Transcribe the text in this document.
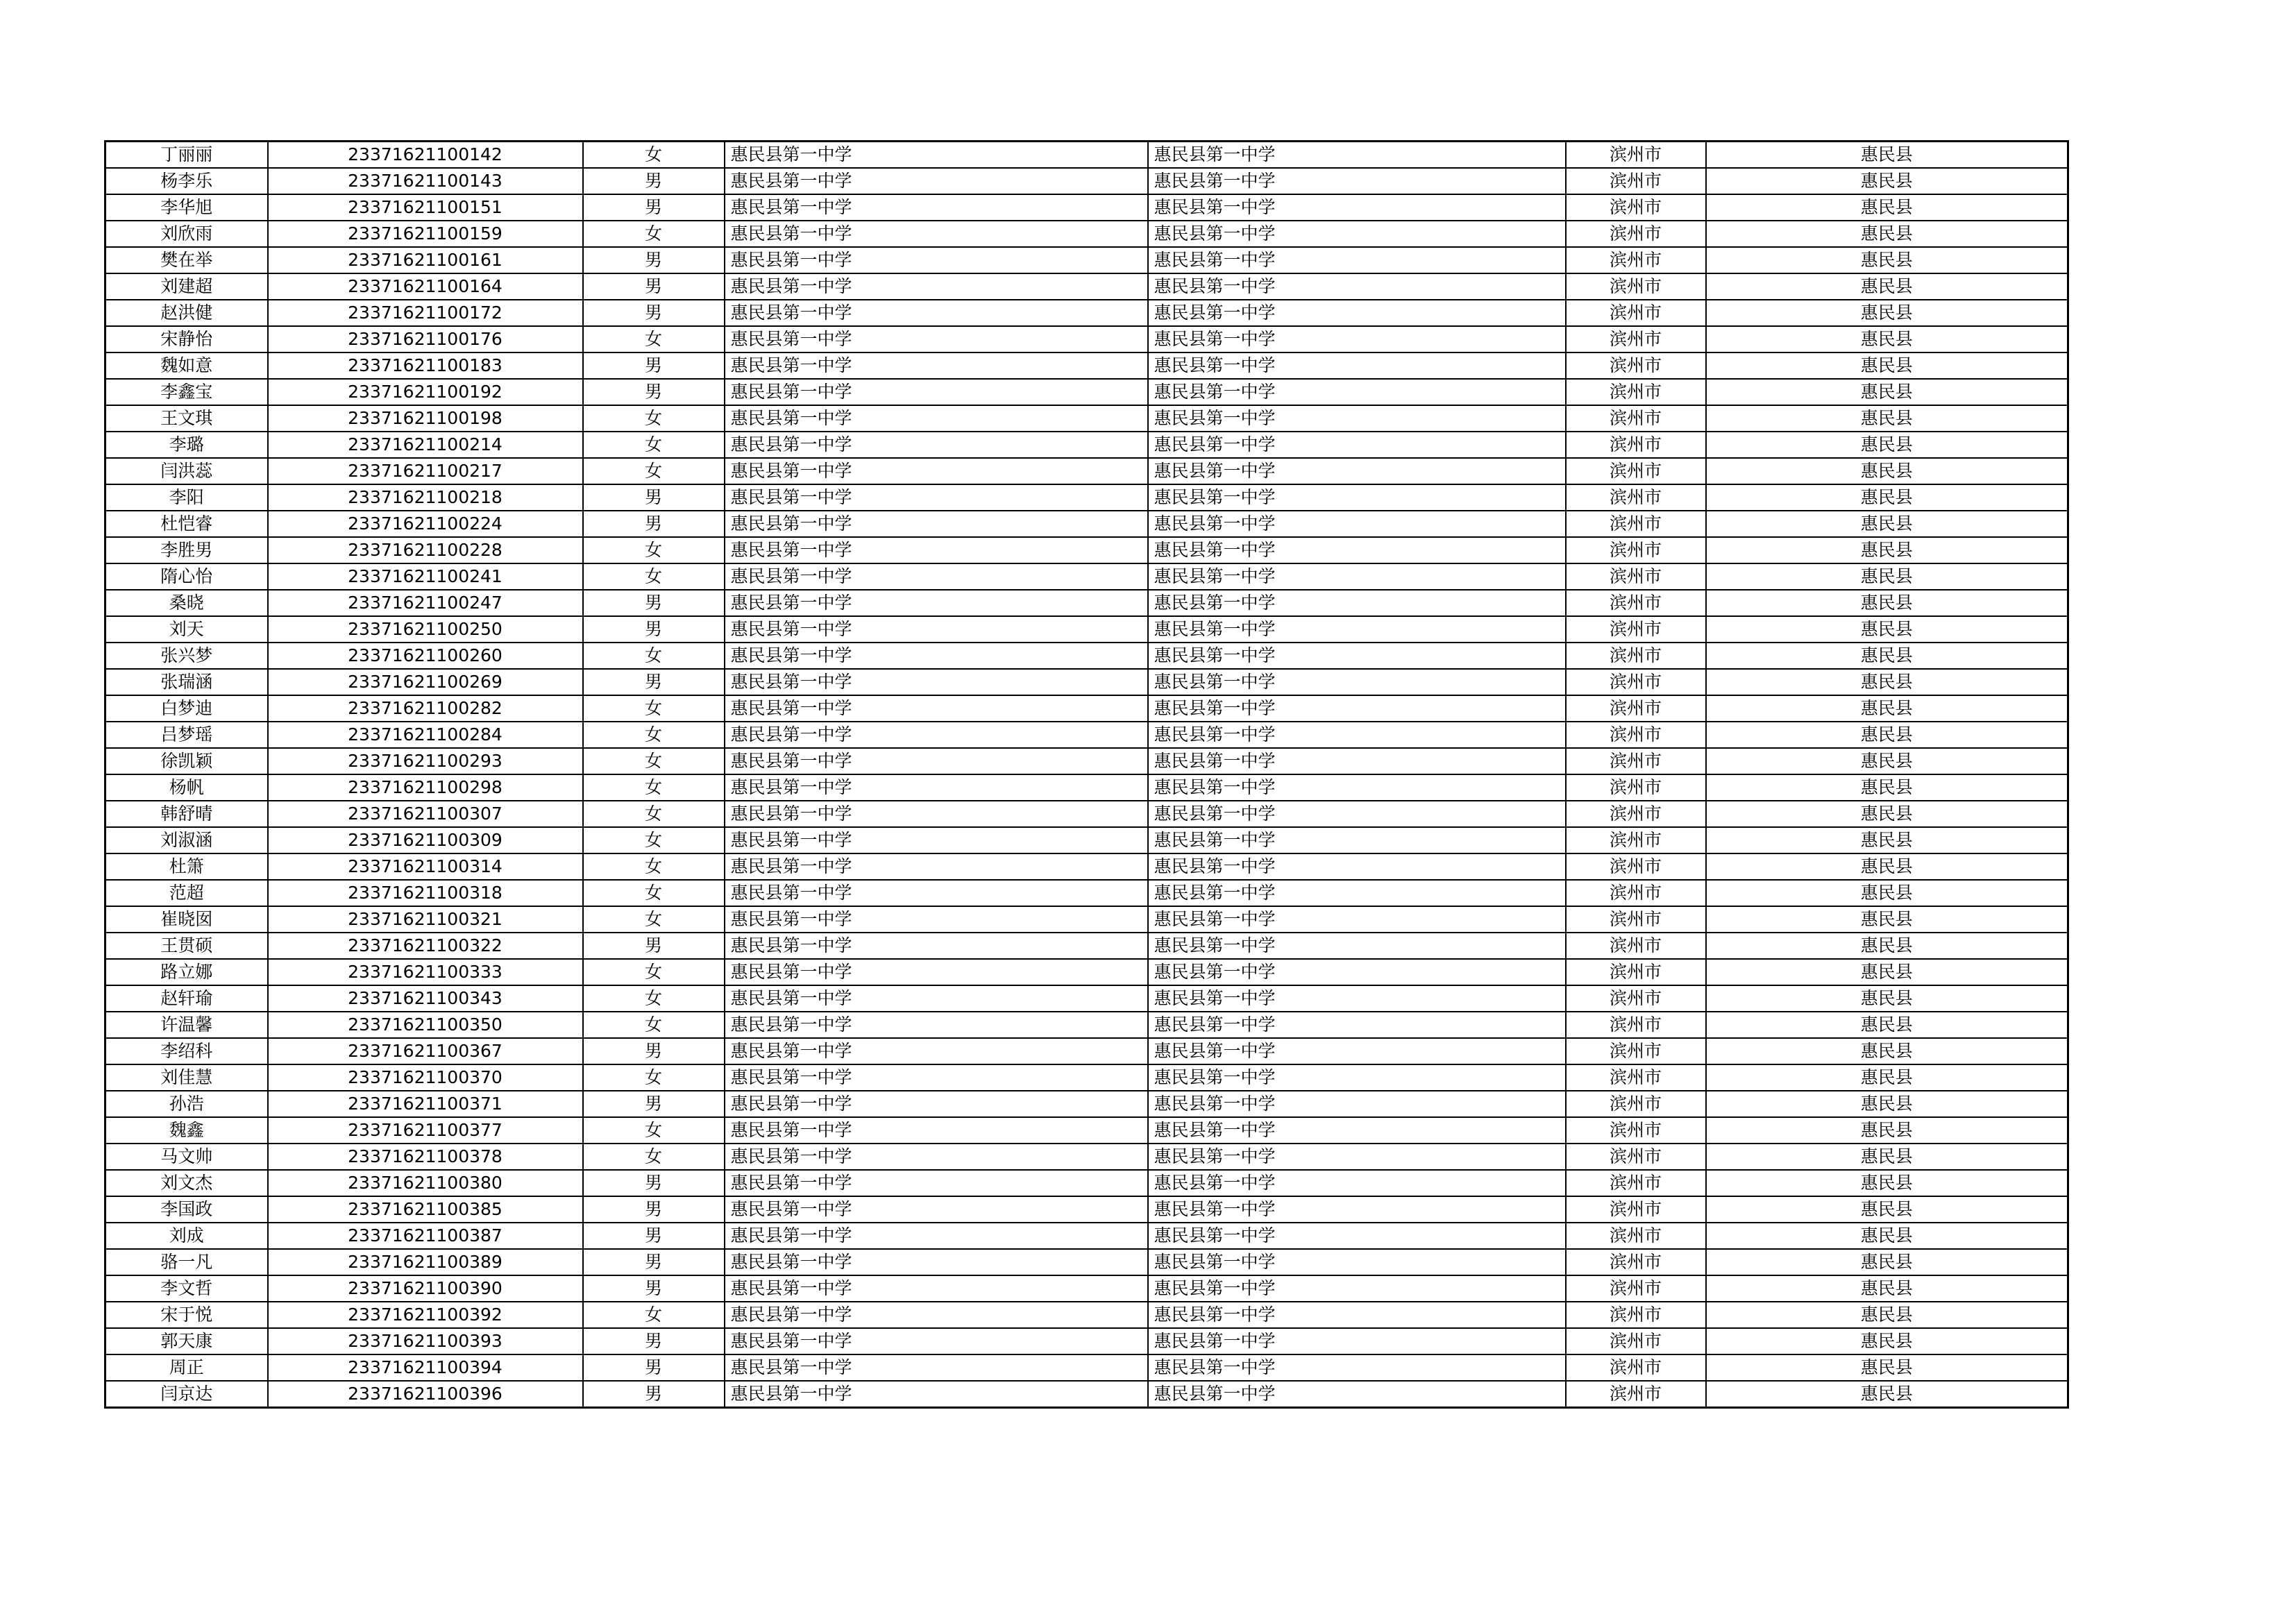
丁丽丽	23371621100142	女	惠民县第一中学	惠民县第一中学	滨州市	惠民县
杨李乐	23371621100143	男	惠民县第一中学	惠民县第一中学	滨州市	惠民县
李华旭	23371621100151	男	惠民县第一中学	惠民县第一中学	滨州市	惠民县
刘欣雨	23371621100159	女	惠民县第一中学	惠民县第一中学	滨州市	惠民县
樊在举	23371621100161	男	惠民县第一中学	惠民县第一中学	滨州市	惠民县
刘建超	23371621100164	男	惠民县第一中学	惠民县第一中学	滨州市	惠民县
赵洪健	23371621100172	男	惠民县第一中学	惠民县第一中学	滨州市	惠民县
宋静怡	23371621100176	女	惠民县第一中学	惠民县第一中学	滨州市	惠民县
魏如意	23371621100183	男	惠民县第一中学	惠民县第一中学	滨州市	惠民县
李鑫宝	23371621100192	男	惠民县第一中学	惠民县第一中学	滨州市	惠民县
王文琪	23371621100198	女	惠民县第一中学	惠民县第一中学	滨州市	惠民县
李璐	23371621100214	女	惠民县第一中学	惠民县第一中学	滨州市	惠民县
闫洪蕊	23371621100217	女	惠民县第一中学	惠民县第一中学	滨州市	惠民县
李阳	23371621100218	男	惠民县第一中学	惠民县第一中学	滨州市	惠民县
杜恺睿	23371621100224	男	惠民县第一中学	惠民县第一中学	滨州市	惠民县
李胜男	23371621100228	女	惠民县第一中学	惠民县第一中学	滨州市	惠民县
隋心怡	23371621100241	女	惠民县第一中学	惠民县第一中学	滨州市	惠民县
桑晓	23371621100247	男	惠民县第一中学	惠民县第一中学	滨州市	惠民县
刘天	23371621100250	男	惠民县第一中学	惠民县第一中学	滨州市	惠民县
张兴梦	23371621100260	女	惠民县第一中学	惠民县第一中学	滨州市	惠民县
张瑞涵	23371621100269	男	惠民县第一中学	惠民县第一中学	滨州市	惠民县
白梦迪	23371621100282	女	惠民县第一中学	惠民县第一中学	滨州市	惠民县
吕梦瑶	23371621100284	女	惠民县第一中学	惠民县第一中学	滨州市	惠民县
徐凯颖	23371621100293	女	惠民县第一中学	惠民县第一中学	滨州市	惠民县
杨帆	23371621100298	女	惠民县第一中学	惠民县第一中学	滨州市	惠民县
韩舒晴	23371621100307	女	惠民县第一中学	惠民县第一中学	滨州市	惠民县
刘淑涵	23371621100309	女	惠民县第一中学	惠民县第一中学	滨州市	惠民县
杜箫	23371621100314	女	惠民县第一中学	惠民县第一中学	滨州市	惠民县
范超	23371621100318	女	惠民县第一中学	惠民县第一中学	滨州市	惠民县
崔晓囡	23371621100321	女	惠民县第一中学	惠民县第一中学	滨州市	惠民县
王贯硕	23371621100322	男	惠民县第一中学	惠民县第一中学	滨州市	惠民县
路立娜	23371621100333	女	惠民县第一中学	惠民县第一中学	滨州市	惠民县
赵轩瑜	23371621100343	女	惠民县第一中学	惠民县第一中学	滨州市	惠民县
许温馨	23371621100350	女	惠民县第一中学	惠民县第一中学	滨州市	惠民县
李绍科	23371621100367	男	惠民县第一中学	惠民县第一中学	滨州市	惠民县
刘佳慧	23371621100370	女	惠民县第一中学	惠民县第一中学	滨州市	惠民县
孙浩	23371621100371	男	惠民县第一中学	惠民县第一中学	滨州市	惠民县
魏鑫	23371621100377	女	惠民县第一中学	惠民县第一中学	滨州市	惠民县
马文帅	23371621100378	女	惠民县第一中学	惠民县第一中学	滨州市	惠民县
刘文杰	23371621100380	男	惠民县第一中学	惠民县第一中学	滨州市	惠民县
李国政	23371621100385	男	惠民县第一中学	惠民县第一中学	滨州市	惠民县
刘成	23371621100387	男	惠民县第一中学	惠民县第一中学	滨州市	惠民县
骆一凡	23371621100389	男	惠民县第一中学	惠民县第一中学	滨州市	惠民县
李文哲	23371621100390	男	惠民县第一中学	惠民县第一中学	滨州市	惠民县
宋于悦	23371621100392	女	惠民县第一中学	惠民县第一中学	滨州市	惠民县
郭天康	23371621100393	男	惠民县第一中学	惠民县第一中学	滨州市	惠民县
周正	23371621100394	男	惠民县第一中学	惠民县第一中学	滨州市	惠民县
闫京达	23371621100396	男	惠民县第一中学	惠民县第一中学	滨州市	惠民县
